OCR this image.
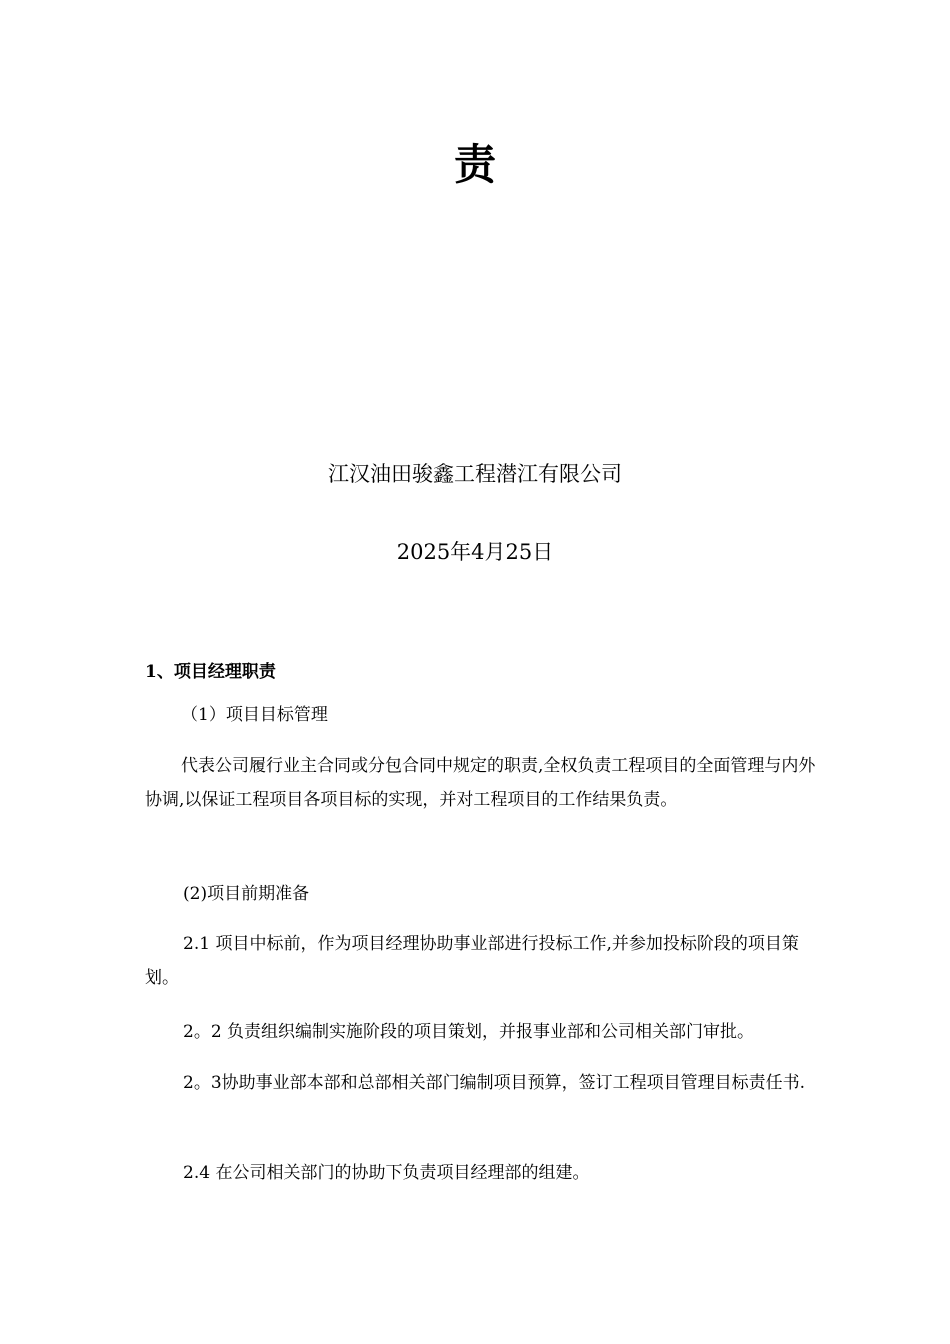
责
江汉油田骏鑫工程潜江有限公司
2025年4月25日
1、项目经理职责
（1）项目目标管理
代表公司履行业主合同或分包合同中规定的职责,全权负责工程项目的全面管理与内外协调,以保证工程项目各项目标的实现，并对工程项目的工作结果负责。
(2)项目前期准备
2.1 项目中标前，作为项目经理协助事业部进行投标工作,并参加投标阶段的项目策划。
2。2 负责组织编制实施阶段的项目策划，并报事业部和公司相关部门审批。
2。3协助事业部本部和总部相关部门编制项目预算，签订工程项目管理目标责任书.
2.4 在公司相关部门的协助下负责项目经理部的组建。
